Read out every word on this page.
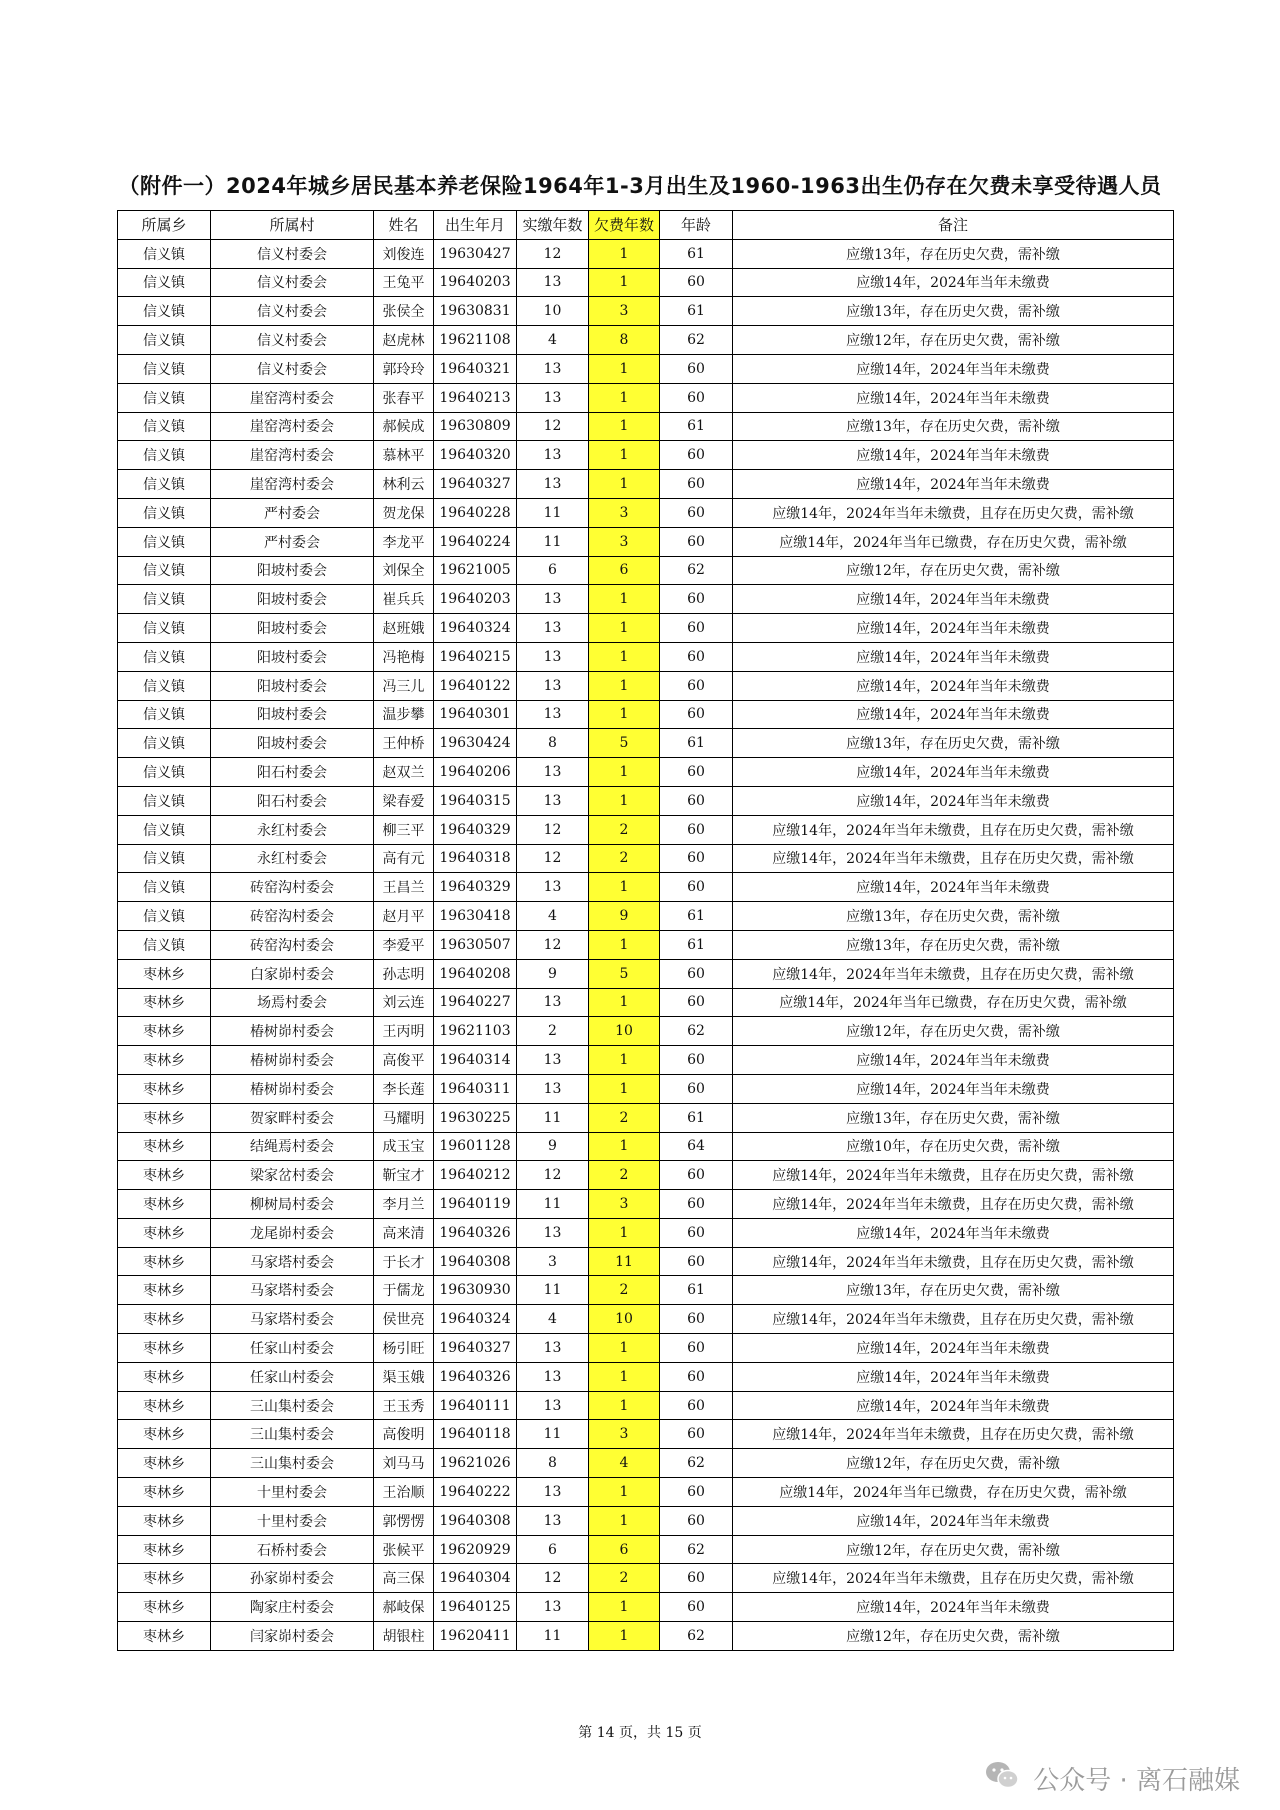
（附件一）2024年城乡居民基本养老保险1964年1-3月出生及1960-1963出生仍存在欠费未享受待遇人员
所属乡	所属村	姓名	出生年月	实缴年数	欠费年数	年龄	备注
信义镇	信义村委会	刘俊连	19630427	12	1	61	应缴13年，存在历史欠费，需补缴
信义镇	信义村委会	王兔平	19640203	13	1	60	应缴14年，2024年当年未缴费
信义镇	信义村委会	张侯全	19630831	10	3	61	应缴13年，存在历史欠费，需补缴
信义镇	信义村委会	赵虎林	19621108	4	8	62	应缴12年，存在历史欠费，需补缴
信义镇	信义村委会	郭玲玲	19640321	13	1	60	应缴14年，2024年当年未缴费
信义镇	崖窑湾村委会	张春平	19640213	13	1	60	应缴14年，2024年当年未缴费
信义镇	崖窑湾村委会	郝候成	19630809	12	1	61	应缴13年，存在历史欠费，需补缴
信义镇	崖窑湾村委会	慕林平	19640320	13	1	60	应缴14年，2024年当年未缴费
信义镇	崖窑湾村委会	林利云	19640327	13	1	60	应缴14年，2024年当年未缴费
信义镇	严村委会	贺龙保	19640228	11	3	60	应缴14年，2024年当年未缴费，且存在历史欠费，需补缴
信义镇	严村委会	李龙平	19640224	11	3	60	应缴14年，2024年当年已缴费，存在历史欠费，需补缴
信义镇	阳坡村委会	刘保全	19621005	6	6	62	应缴12年，存在历史欠费，需补缴
信义镇	阳坡村委会	崔兵兵	19640203	13	1	60	应缴14年，2024年当年未缴费
信义镇	阳坡村委会	赵班娥	19640324	13	1	60	应缴14年，2024年当年未缴费
信义镇	阳坡村委会	冯艳梅	19640215	13	1	60	应缴14年，2024年当年未缴费
信义镇	阳坡村委会	冯三儿	19640122	13	1	60	应缴14年，2024年当年未缴费
信义镇	阳坡村委会	温步攀	19640301	13	1	60	应缴14年，2024年当年未缴费
信义镇	阳坡村委会	王仲桥	19630424	8	5	61	应缴13年，存在历史欠费，需补缴
信义镇	阳石村委会	赵双兰	19640206	13	1	60	应缴14年，2024年当年未缴费
信义镇	阳石村委会	梁春爱	19640315	13	1	60	应缴14年，2024年当年未缴费
信义镇	永红村委会	柳三平	19640329	12	2	60	应缴14年，2024年当年未缴费，且存在历史欠费，需补缴
信义镇	永红村委会	高有元	19640318	12	2	60	应缴14年，2024年当年未缴费，且存在历史欠费，需补缴
信义镇	砖窑沟村委会	王昌兰	19640329	13	1	60	应缴14年，2024年当年未缴费
信义镇	砖窑沟村委会	赵月平	19630418	4	9	61	应缴13年，存在历史欠费，需补缴
信义镇	砖窑沟村委会	李爱平	19630507	12	1	61	应缴13年，存在历史欠费，需补缴
枣林乡	白家峁村委会	孙志明	19640208	9	5	60	应缴14年，2024年当年未缴费，且存在历史欠费，需补缴
枣林乡	场焉村委会	刘云连	19640227	13	1	60	应缴14年，2024年当年已缴费，存在历史欠费，需补缴
枣林乡	椿树峁村委会	王丙明	19621103	2	10	62	应缴12年，存在历史欠费，需补缴
枣林乡	椿树峁村委会	高俊平	19640314	13	1	60	应缴14年，2024年当年未缴费
枣林乡	椿树峁村委会	李长莲	19640311	13	1	60	应缴14年，2024年当年未缴费
枣林乡	贺家畔村委会	马耀明	19630225	11	2	61	应缴13年，存在历史欠费，需补缴
枣林乡	结绳焉村委会	成玉宝	19601128	9	1	64	应缴10年，存在历史欠费，需补缴
枣林乡	梁家岔村委会	靳宝才	19640212	12	2	60	应缴14年，2024年当年未缴费，且存在历史欠费，需补缴
枣林乡	柳树局村委会	李月兰	19640119	11	3	60	应缴14年，2024年当年未缴费，且存在历史欠费，需补缴
枣林乡	龙尾峁村委会	高来清	19640326	13	1	60	应缴14年，2024年当年未缴费
枣林乡	马家塔村委会	于长才	19640308	3	11	60	应缴14年，2024年当年未缴费，且存在历史欠费，需补缴
枣林乡	马家塔村委会	于儒龙	19630930	11	2	61	应缴13年，存在历史欠费，需补缴
枣林乡	马家塔村委会	侯世亮	19640324	4	10	60	应缴14年，2024年当年未缴费，且存在历史欠费，需补缴
枣林乡	任家山村委会	杨引旺	19640327	13	1	60	应缴14年，2024年当年未缴费
枣林乡	任家山村委会	渠玉娥	19640326	13	1	60	应缴14年，2024年当年未缴费
枣林乡	三山集村委会	王玉秀	19640111	13	1	60	应缴14年，2024年当年未缴费
枣林乡	三山集村委会	高俊明	19640118	11	3	60	应缴14年，2024年当年未缴费，且存在历史欠费，需补缴
枣林乡	三山集村委会	刘马马	19621026	8	4	62	应缴12年，存在历史欠费，需补缴
枣林乡	十里村委会	王治顺	19640222	13	1	60	应缴14年，2024年当年已缴费，存在历史欠费，需补缴
枣林乡	十里村委会	郭愣愣	19640308	13	1	60	应缴14年，2024年当年未缴费
枣林乡	石桥村委会	张候平	19620929	6	6	62	应缴12年，存在历史欠费，需补缴
枣林乡	孙家峁村委会	高三保	19640304	12	2	60	应缴14年，2024年当年未缴费，且存在历史欠费，需补缴
枣林乡	陶家庄村委会	郝岐保	19640125	13	1	60	应缴14年，2024年当年未缴费
枣林乡	闫家峁村委会	胡银柱	19620411	11	1	62	应缴12年，存在历史欠费，需补缴
第 14 页，共 15 页
公众号 · 离石融媒
